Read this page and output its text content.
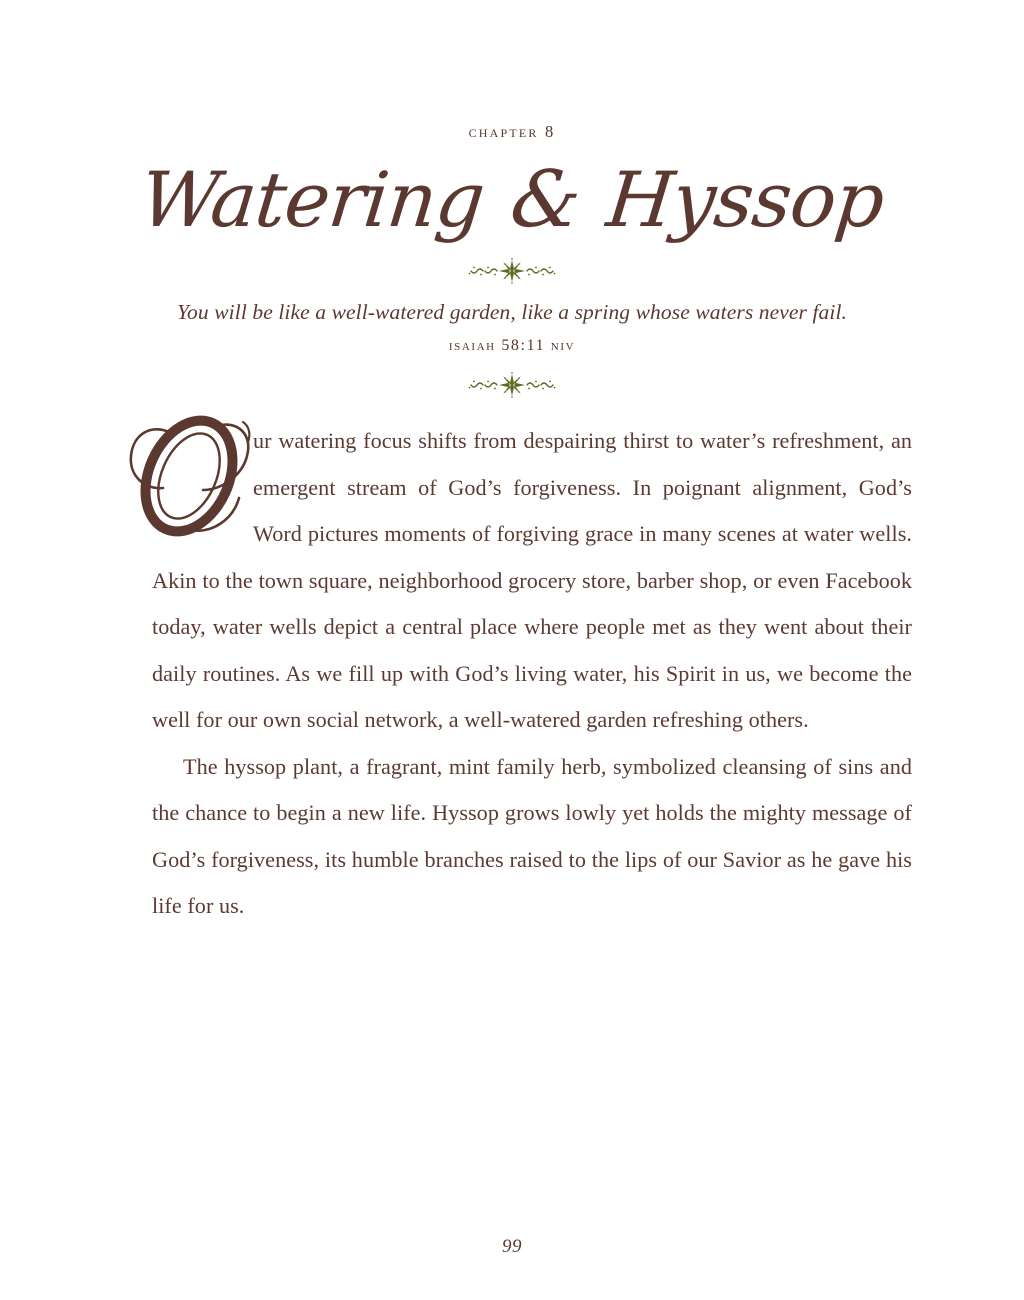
chapter 8
Watering & Hyssop
You will be like a well-watered garden, like a spring whose waters never fail.
isaiah 58:11 niv

ur watering focus shifts from despairing thirst to water’s refreshment, an emergent stream of God’s forgiveness. In poignant alignment, God’s Word pictures moments of forgiving grace in many scenes at water wells. Akin to the town square, neighborhood grocery store, barber shop, or even Facebook today, water wells depict a central place where people met as they went about their daily routines. As we fill up with God’s living water, his Spirit in us, we become the well for our own social network, a well-watered garden refreshing others.

The hyssop plant, a fragrant, mint family herb, symbolized cleansing of sins and the chance to begin a new life. Hyssop grows lowly yet holds the mighty message of God’s forgiveness, its humble branches raised to the lips of our Savior as he gave his life for us.

99
